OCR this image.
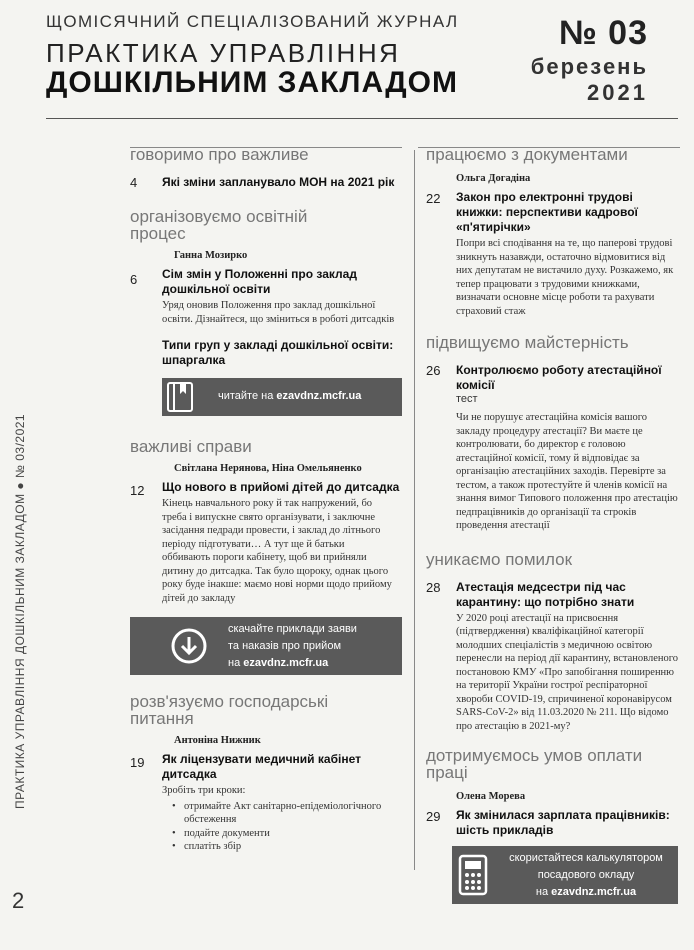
ЩОМІСЯЧНИЙ СПЕЦІАЛІЗОВАНИЙ ЖУРНАЛ
ПРАКТИКА УПРАВЛІННЯ
ДОШКІЛЬНИМ ЗАКЛАДОМ
№ 03
березень
2021
ПРАКТИКА УПРАВЛІННЯ ДОШКІЛЬНИМ ЗАКЛАДОМ ● № 03/2021
2

говоримо про важливе

4 Які зміни запланувало МОН на 2021 рік

організовуємо освітній процес

Ганна Мозирко

6 Сім змін у Положенні про заклад дошкільної освіти

Уряд оновив Положення про заклад дошкільної освіти. Дізнайтеся, що зміниться в роботі дитсадків

Типи груп у закладі дошкільної освіти: шпаргалка

читайте на ezavdnz.mcfr.ua

важливі справи

Світлана Нерянова, Ніна Омельяненко

12 Що нового в прийомі дітей до дитсадка

Кінець навчального року й так напружений, бо треба і випускне свято організувати, і заключне засідання педради провести, і заклад до літнього періоду підготувати… А тут ще й батьки оббивають пороги кабінету, щоб ви прийняли дитину до дитсадка. Так було щороку, однак цього року буде інакше: маємо нові норми щодо прийому дітей до закладу

скачайте приклади заяви
та наказів про прийом
на ezavdnz.mcfr.ua

розв'язуємо господарські питання

Антоніна Нижник

19 Як ліцензувати медичний кабінет дитсадка

Зробіть три кроки:

• отримайте Акт санітарно-епідеміологічного обстеження
• подайте документи
• сплатіть збір

працюємо з документами

Ольга Догадіна

22 Закон про електронні трудові книжки: перспективи кадрової «п'ятирічки»

Попри всі сподівання на те, що паперові трудові зникнуть назавжди, остаточно відмовитися від них депутатам не вистачило духу. Розкажемо, як тепер працювати з трудовими книжками, визначати основне місце роботи та рахувати страховий стаж

підвищуємо майстерність

26 Контролюємо роботу атестаційної комісії

тест

Чи не порушує атестаційна комісія вашого закладу процедуру атестації? Ви маєте це контролювати, бо директор є головою атестаційної комісії, тому й відповідає за організацію атестаційних заходів. Перевірте за тестом, а також протестуйте й членів комісії на знання вимог Типового положення про атестацію педпрацівників до організації та строків проведення атестації

уникаємо помилок

28 Атестація медсестри під час карантину: що потрібно знати

У 2020 році атестації на присвоєння (підтвердження) кваліфікаційної категорії молодших спеціалістів з медичною освітою перенесли на період дії карантину, встановленого постановою КМУ «Про запобігання поширенню на території України гострої респіраторної хвороби COVID-19, спричиненої коронавірусом SARS-CoV-2» від 11.03.2020 № 211. Що відомо про атестацію в 2021-му?

дотримуємось умов оплати праці

Олена Морева

29 Як змінилася зарплата працівників: шість прикладів

скористайтеся калькулятором
посадового окладу
на ezavdnz.mcfr.ua
